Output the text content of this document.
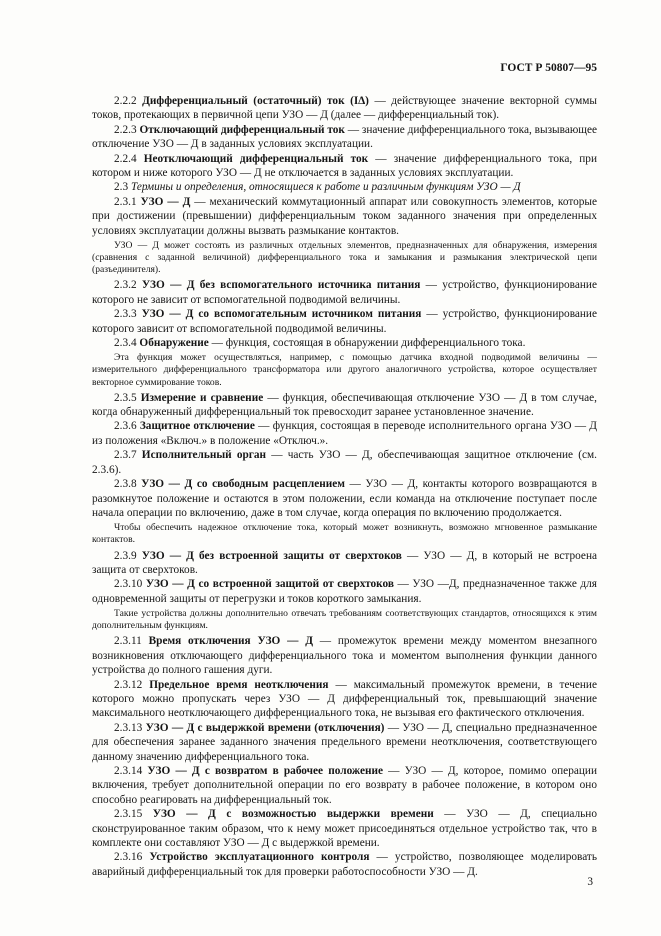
ГОСТ Р 50807—95

2.2.2 Дифференциальный (остаточный) ток (I∆) — действующее значение векторной суммы токов, протекающих в первичной цепи УЗО — Д (далее — дифференциальный ток).

2.2.3 Отключающий дифференциальный ток — значение дифференциального тока, вызывающее отключение УЗО — Д в заданных условиях эксплуатации.

2.2.4 Неотключающий дифференциальный ток — значение дифференциального тока, при котором и ниже которого УЗО — Д не отключается в заданных условиях эксплуатации.

2.3 Термины и определения, относящиеся к работе и различным функциям УЗО — Д

2.3.1 УЗО — Д — механический коммутационный аппарат или совокупность элементов, которые при достижении (превышении) дифференциальным током заданного значения при определенных условиях эксплуатации должны вызвать размыкание контактов.

УЗО — Д может состоять из различных отдельных элементов, предназначенных для обнаружения, измерения (сравнения с заданной величиной) дифференциального тока и замыкания и размыкания электрической цепи (разъединителя).

2.3.2 УЗО — Д без вспомогательного источника питания — устройство, функционирование которого не зависит от вспомогательной подводимой величины.

2.3.3 УЗО — Д со вспомогательным источником питания — устройство, функционирование которого зависит от вспомогательной подводимой величины.

2.3.4 Обнаружение — функция, состоящая в обнаружении дифференциального тока.

Эта функция может осуществляться, например, с помощью датчика входной подводимой величины — измерительного дифференциального трансформатора или другого аналогичного устройства, которое осуществляет векторное суммирование токов.

2.3.5 Измерение и сравнение — функция, обеспечивающая отключение УЗО — Д в том случае, когда обнаруженный дифференциальный ток превосходит заранее установленное значение.

2.3.6 Защитное отключение — функция, состоящая в переводе исполнительного органа УЗО — Д из положения «Включ.» в положение «Отключ.».

2.3.7 Исполнительный орган — часть УЗО — Д, обеспечивающая защитное отключение (см. 2.3.6).

2.3.8 УЗО — Д со свободным расцеплением — УЗО — Д, контакты которого возвращаются в разомкнутое положение и остаются в этом положении, если команда на отключение поступает после начала операции по включению, даже в том случае, когда операция по включению продолжается.

Чтобы обеспечить надежное отключение тока, который может возникнуть, возможно мгновенное размыкание контактов.

2.3.9 УЗО — Д без встроенной защиты от сверхтоков — УЗО — Д, в который не встроена защита от сверхтоков.

2.3.10 УЗО — Д со встроенной защитой от сверхтоков — УЗО —Д, предназначенное также для одновременной защиты от перегрузки и токов короткого замыкания.

Такие устройства должны дополнительно отвечать требованиям соответствующих стандартов, относящихся к этим дополнительным функциям.

2.3.11 Время отключения УЗО — Д — промежуток времени между моментом внезапного возникновения отключающего дифференциального тока и моментом выполнения функции данного устройства до полного гашения дуги.

2.3.12 Предельное время неотключения — максимальный промежуток времени, в течение которого можно пропускать через УЗО — Д дифференциальный ток, превышающий значение максимального неотключающего дифференциального тока, не вызывая его фактического отключения.

2.3.13 УЗО — Д с выдержкой времени (отключения) — УЗО — Д, специально предназначенное для обеспечения заранее заданного значения предельного времени неотключения, соответствующего данному значению дифференциального тока.

2.3.14 УЗО — Д с возвратом в рабочее положение — УЗО — Д, которое, помимо операции включения, требует дополнительной операции по его возврату в рабочее положение, в котором оно способно реагировать на дифференциальный ток.

2.3.15 УЗО — Д с возможностью выдержки времени — УЗО — Д, специально сконструированное таким образом, что к нему может присоединяться отдельное устройство так, что в комплекте они составляют УЗО — Д с выдержкой времени.

2.3.16 Устройство эксплуатационного контроля — устройство, позволяющее моделировать аварийный дифференциальный ток для проверки работоспособности УЗО — Д.

3
